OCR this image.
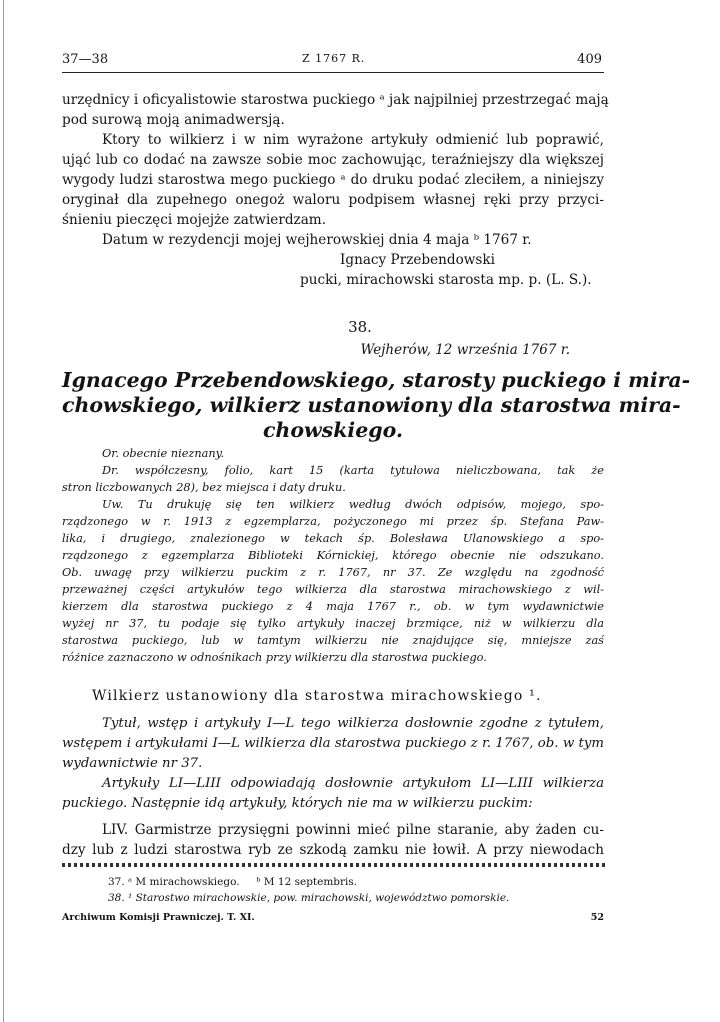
37—38	Z 1767 R.	409
urzędnicy i oficyalistowie starostwa puckiego ᵃ jak najpilniej przestrzegać mają
pod surową moją animadwersją.
Ktory to wilkierz i w nim wyrażone artykuły odmienić lub poprawić,
ująć lub co dodać na zawsze sobie moc zachowując, teraźniejszy dla większej
wygody ludzi starostwa mego puckiego ᵃ do druku podać zleciłem, a niniejszy
oryginał dla zupełnego onegoż waloru podpisem własnej ręki przy przyci-
śnieniu pieczęci mojejże zatwierdzam.
Datum w rezydencji mojej wejherowskiej dnia 4 maja ᵇ 1767 r.
Ignacy Przebendowski
pucki, mirachowski starosta mp. p. (L. S.).
38.
Wejherów, 12 września 1767 r.
Ignacego Przebendowskiego, starosty puckiego i mira-
chowskiego, wilkierz ustanowiony dla starostwa mira-
chowskiego.
Or. obecnie nieznany.
Dr. współczesny, folio, kart 15 (karta tytułowa nieliczbowana, tak że
stron liczbowanych 28), bez miejsca i daty druku.
Uw. Tu drukuję się ten wilkierz według dwóch odpisów, mojego, spo-
rządzonego w r. 1913 z egzemplarza, pożyczonego mi przez śp. Stefana Paw-
lika, i drugiego, znalezionego w tekach śp. Bolesława Ulanowskiego a spo-
rządzonego z egzemplarza Biblioteki Kórnickiej, którego obecnie nie odszukano.
Ob. uwagę przy wilkierzu puckim z r. 1767, nr 37. Ze względu na zgodność
przeważnej części artykułów tego wilkierza dla starostwa mirachowskiego z wil-
kierzem dla starostwa puckiego z 4 maja 1767 r., ob. w tym wydawnictwie
wyżej nr 37, tu podaje się tylko artykuły inaczej brzmiące, niż w wilkierzu dla
starostwa puckiego, lub w tamtym wilkierzu nie znajdujące się, mniejsze zaś
różnice zaznaczono w odnośnikach przy wilkierzu dla starostwa puckiego.
Wilkierz ustanowiony dla starostwa mirachowskiego ¹.
Tytuł, wstęp i artykuły I—L tego wilkierza dosłownie zgodne z tytułem,
wstępem i artykułami I—L wilkierza dla starostwa puckiego z r. 1767, ob. w tym
wydawnictwie nr 37.
Artykuły LI—LIII odpowiadają dosłownie artykułom LI—LIII wilkierza
puckiego. Następnie idą artykuły, których nie ma w wilkierzu puckim:
LIV. Garmistrze przysięgni powinni mieć pilne staranie, aby żaden cu-
dzy lub z ludzi starostwa ryb ze szkodą zamku nie łowił. A przy niewodach
37. ᵃ M mirachowskiego.     ᵇ M 12 septembris.
38. ¹ Starostwo mirachowskie, pow. mirachowski, województwo pomorskie.
Archiwum Komisji Prawniczej. T. XI.	52
